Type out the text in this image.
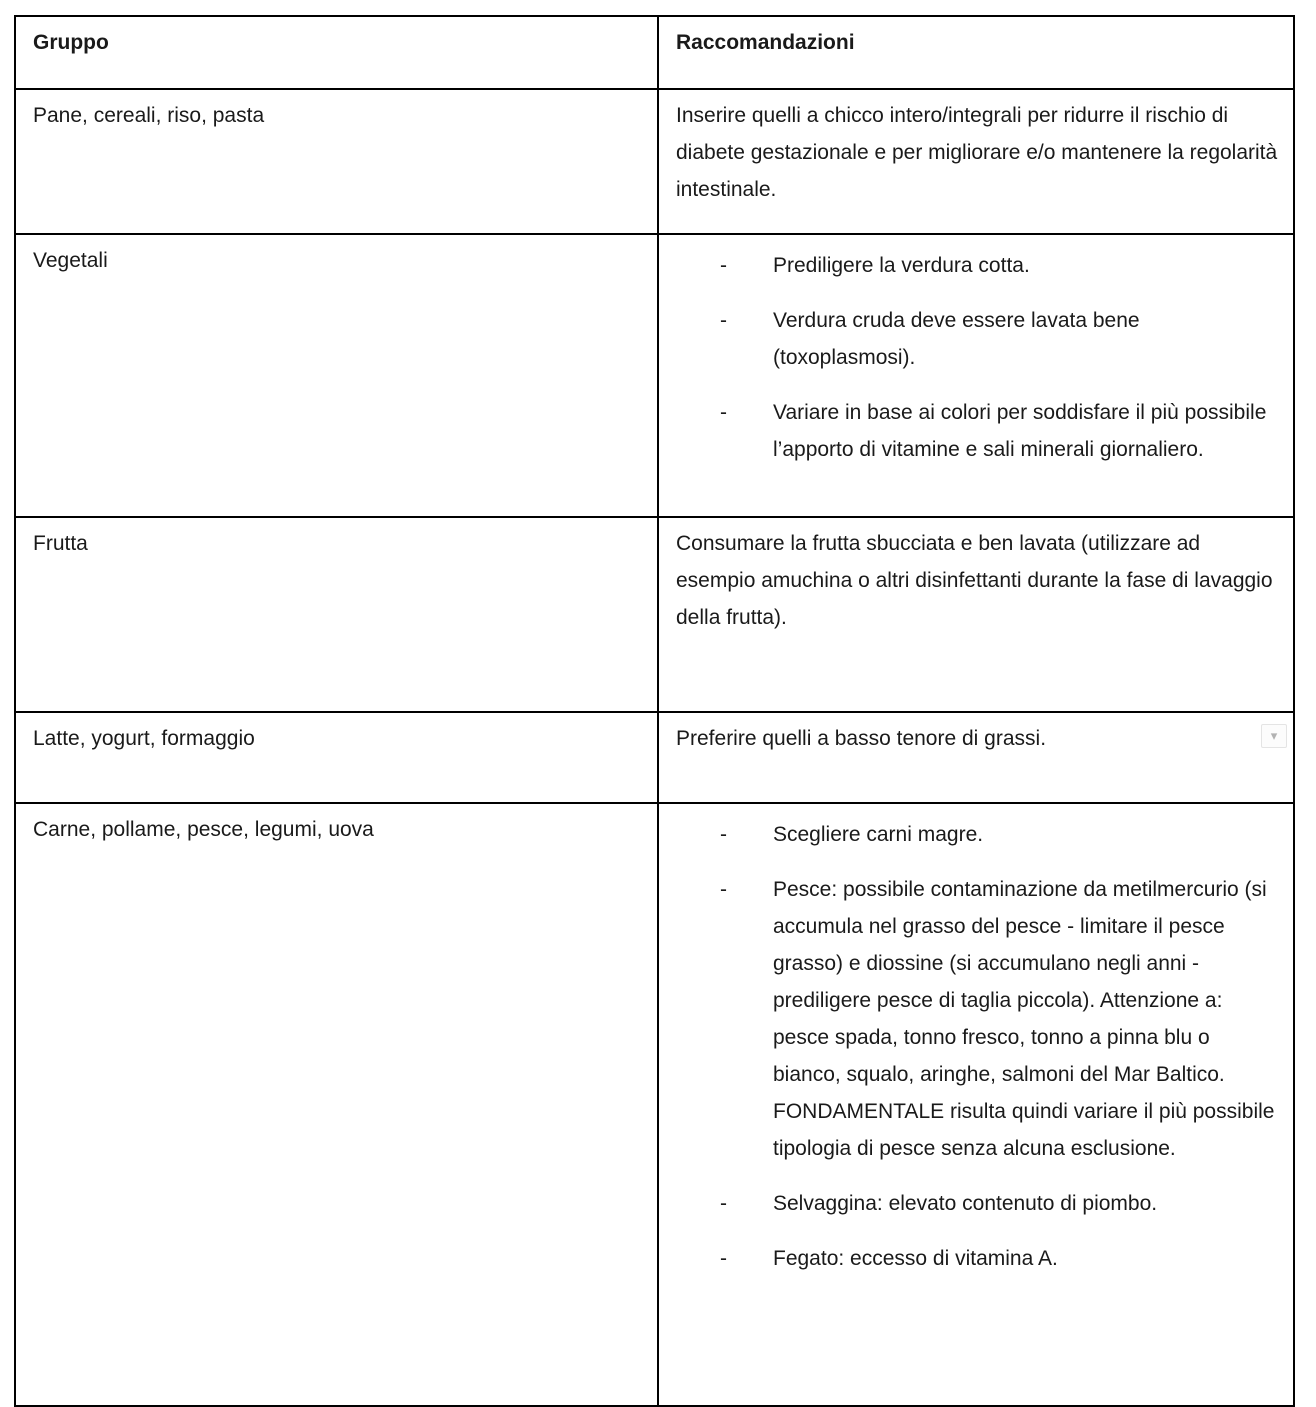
Gruppo	Raccomandazioni
Pane, cereali, riso, pasta	Inserire quelli a chicco intero/integrali per ridurre il rischio di diabete gestazionale e per migliorare e/o mantenere la regolarità intestinale.
Vegetali	-	Prediligere la verdura cotta.
-	Verdura cruda deve essere lavata bene (toxoplasmosi).
-	Variare in base ai colori per soddisfare il più possibile l’apporto di vitamine e sali minerali giornaliero.

Frutta	Consumare la frutta sbucciata e ben lavata (utilizzare ad esempio amuchina o altri disinfettanti durante la fase di lavaggio della frutta).
Latte, yogurt, formaggio	Preferire quelli a basso tenore di grassi.
Carne, pollame, pesce, legumi, uova	-	Scegliere carni magre.
-	Pesce: possibile contaminazione da metilmercurio (si accumula nel grasso del pesce - limitare il pesce grasso) e diossine (si accumulano negli anni - prediligere pesce di taglia piccola). Attenzione a: pesce spada, tonno fresco, tonno a pinna blu o bianco, squalo, aringhe, salmoni del Mar Baltico. FONDAMENTALE risulta quindi variare il più possibile tipologia di pesce senza alcuna esclusione.
-	Selvaggina: elevato contenuto di piombo.
-	Fegato: eccesso di vitamina A.
▾
